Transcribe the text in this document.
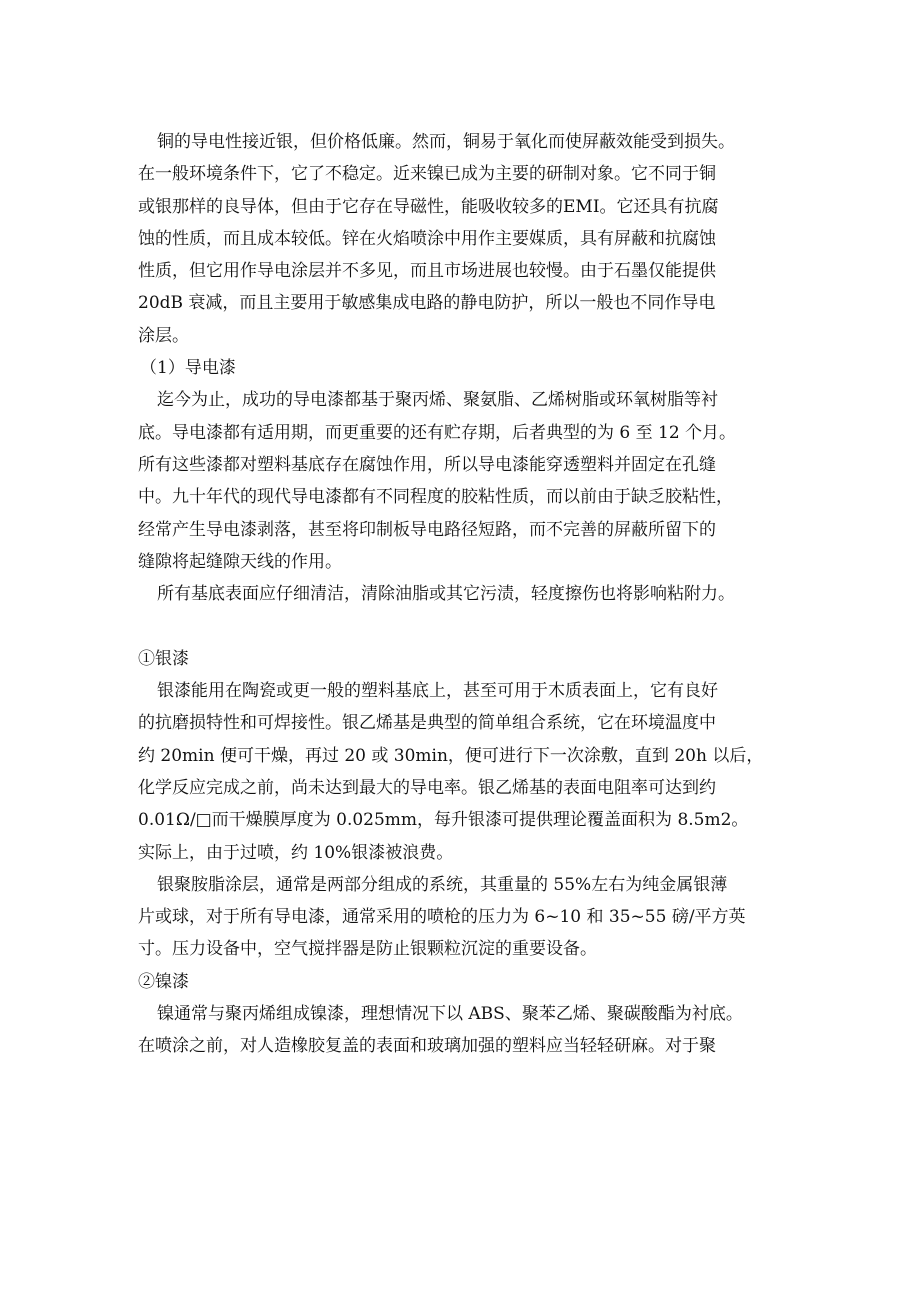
铜的导电性接近银，但价格低廉。然而，铜易于氧化而使屏蔽效能受到损失。
在一般环境条件下，它了不稳定。近来镍已成为主要的研制对象。它不同于铜
或银那样的良导体，但由于它存在导磁性，能吸收较多的EMI。它还具有抗腐
蚀的性质，而且成本较低。锌在火焰喷涂中用作主要媒质，具有屏蔽和抗腐蚀
性质，但它用作导电涂层并不多见，而且市场进展也较慢。由于石墨仅能提供
20dB 衰减，而且主要用于敏感集成电路的静电防护，所以一般也不同作导电
涂层。
（1）导电漆
迄今为止，成功的导电漆都基于聚丙烯、聚氨脂、乙烯树脂或环氧树脂等衬
底。导电漆都有适用期，而更重要的还有贮存期，后者典型的为 6 至 12 个月。
所有这些漆都对塑料基底存在腐蚀作用，所以导电漆能穿透塑料并固定在孔缝
中。九十年代的现代导电漆都有不同程度的胶粘性质，而以前由于缺乏胶粘性，
经常产生导电漆剥落，甚至将印制板导电路径短路，而不完善的屏蔽所留下的
缝隙将起缝隙天线的作用。
所有基底表面应仔细清洁，清除油脂或其它污渍，轻度擦伤也将影响粘附力。
①银漆
银漆能用在陶瓷或更一般的塑料基底上，甚至可用于木质表面上，它有良好
的抗磨损特性和可焊接性。银乙烯基是典型的简单组合系统，它在环境温度中
约 20min 便可干燥，再过 20 或 30min，便可进行下一次涂敷，直到 20h 以后，
化学反应完成之前，尚未达到最大的导电率。银乙烯基的表面电阻率可达到约
0.01Ω/□而干燥膜厚度为 0.025mm，每升银漆可提供理论覆盖面积为 8.5m2。
实际上，由于过喷，约 10%银漆被浪费。
银聚胺脂涂层，通常是两部分组成的系统，其重量的 55%左右为纯金属银薄
片或球，对于所有导电漆，通常采用的喷枪的压力为 6~10 和 35~55 磅/平方英
寸。压力设备中，空气搅拌器是防止银颗粒沉淀的重要设备。
②镍漆
镍通常与聚丙烯组成镍漆，理想情况下以 ABS、聚苯乙烯、聚碳酸酯为衬底。
在喷涂之前，对人造橡胶复盖的表面和玻璃加强的塑料应当轻轻研麻。对于聚
